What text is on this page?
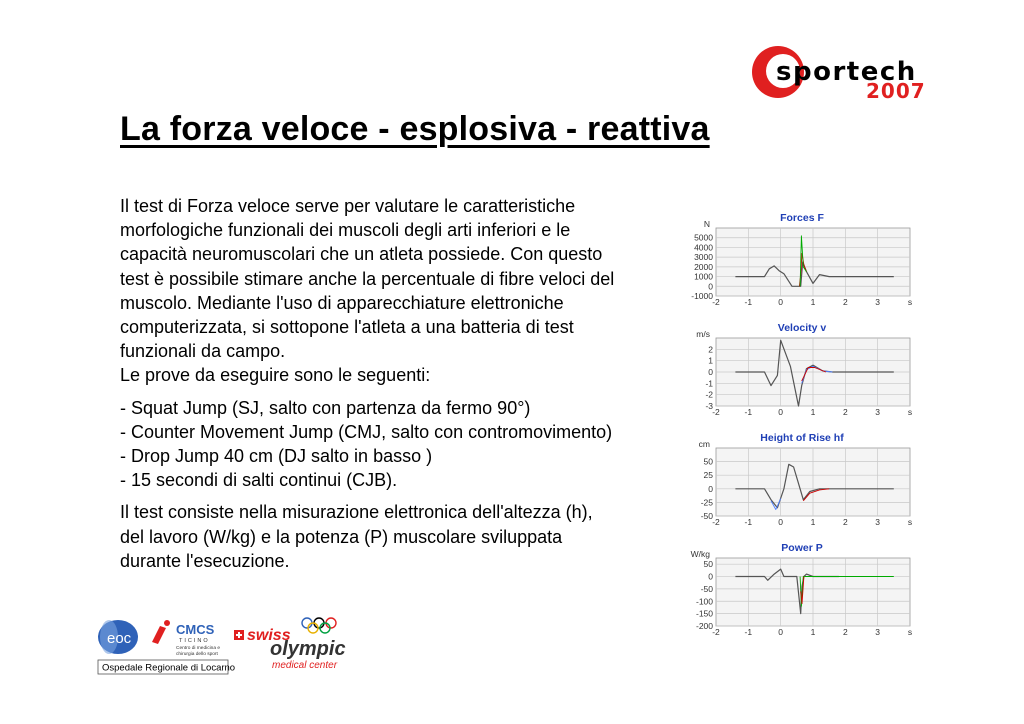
sportech
2007
La forza veloce - esplosiva - reattiva

Il test di Forza veloce serve per valutare le caratteristiche
morfologiche funzionali dei muscoli degli arti inferiori e le
capacità neuromuscolari che un atleta possiede. Con questo
test è possibile stimare anche la percentuale di fibre veloci del
muscolo. Mediante l'uso di apparecchiature elettroniche
computerizzata, si sottopone l'atleta a una batteria di test
funzionali da campo.
Le prove da eseguire sono le seguenti:

- Squat Jump (SJ, salto con partenza da fermo 90°)
- Counter Movement Jump (CMJ, salto con contromovimento)
- Drop Jump 40 cm (DJ salto in basso )
- 15 secondi di salti continui (CJB).

Il test consiste nella misurazione elettronica dell'altezza (h),
del lavoro (W/kg) e la potenza (P) muscolare sviluppata
durante l'esecuzione.

Forces F
N
-2	-1	0	1	2	3	s
5000
4000
3000
2000
1000
0
-1000
Velocity v
m/s
-2	-1	0	1	2	3	s
2
1
0
-1
-2
-3
Height of Rise hf
cm
-2	-1	0	1	2	3	s
50
25
0
-25
-50
Power P
W/kg
-2	-1	0	1	2	3	s
50
0
-50
-100
-150
-200
eoc
Ospedale Regionale di Locarno
CMCS
TICINO
Centro di medicina e
chirurgia dello sport
swiss
olympic
medical center
